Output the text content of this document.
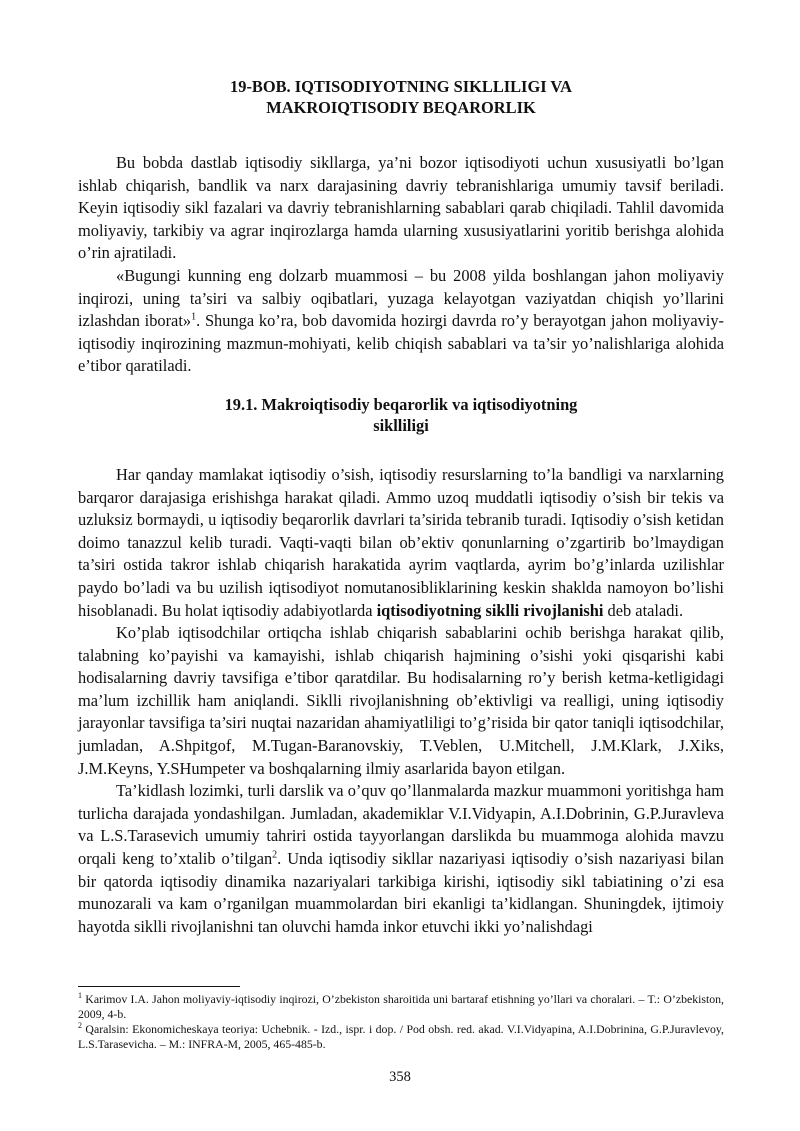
19-BOB. IQTISODIYOTNING SIKLLILIGI VA
MAKROIQTISODIY BEQARORLIK

Bu bobda dastlab iqtisodiy sikllarga, ya’ni bozor iqtisodiyoti uchun xususiyatli bo’lgan ishlab chiqarish, bandlik va narx darajasining davriy tebranishlariga umumiy tavsif beriladi. Keyin iqtisodiy sikl fazalari va davriy tebranishlarning sabablari qarab chiqiladi. Tahlil davomida moliyaviy, tarkibiy va agrar inqirozlarga hamda ularning xususiyatlarini yoritib berishga alohida o’rin ajratiladi.

«Bugungi kunning eng dolzarb muammosi – bu 2008 yilda boshlangan jahon moliyaviy inqirozi, uning ta’siri va salbiy oqibatlari, yuzaga kelayotgan vaziyatdan chiqish yo’llarini izlashdan iborat»$^1$. Shunga ko’ra, bob davomida hozirgi davrda ro’y berayotgan jahon moliyaviy-iqtisodiy inqirozining mazmun-mohiyati, kelib chiqish sabablari va ta’sir yo’nalishlariga alohida e’tibor qaratiladi.

19.1. Makroiqtisodiy beqarorlik va iqtisodiyotning
siklliligi

Har qanday mamlakat iqtisodiy o’sish, iqtisodiy resurslarning to’la bandligi va narxlarning barqaror darajasiga erishishga harakat qiladi. Ammo uzoq muddatli iqtisodiy o’sish bir tekis va uzluksiz bormaydi, u iqtisodiy beqarorlik davrlari ta’sirida tebranib turadi. Iqtisodiy o’sish ketidan doimo tanazzul kelib turadi. Vaqti-vaqti bilan ob’ektiv qonunlarning o’zgartirib bo’lmaydigan ta’siri ostida takror ishlab chiqarish harakatida ayrim vaqtlarda, ayrim bo’g’inlarda uzilishlar paydo bo’ladi va bu uzilish iqtisodiyot nomutanosibliklarining keskin shaklda namoyon bo’lishi hisoblanadi. Bu holat iqtisodiy adabiyotlarda iqtisodiyotning siklli rivojlanishi deb ataladi.

Ko’plab iqtisodchilar ortiqcha ishlab chiqarish sabablarini ochib berishga harakat qilib, talabning ko’payishi va kamayishi, ishlab chiqarish hajmining o’sishi yoki qisqarishi kabi hodisalarning davriy tavsifiga e’tibor qaratdilar. Bu hodisalarning ro’y berish ketma-ketligidagi ma’lum izchillik ham aniqlandi. Siklli rivojlanishning ob’ektivligi va realligi, uning iqtisodiy jarayonlar tavsifiga ta’siri nuqtai nazaridan ahamiyatliligi to’g’risida bir qator taniqli iqtisodchilar, jumladan, A.Shpitgof, M.Tugan-Baranovskiy, T.Veblen, U.Mitchell, J.M.Klark, J.Xiks, J.M.Keyns, Y.SHumpeter va boshqalarning ilmiy asarlarida bayon etilgan.

Ta’kidlash lozimki, turli darslik va o’quv qo’llanmalarda mazkur muammoni yoritishga ham turlicha darajada yondashilgan. Jumladan, akademiklar V.I.Vidyapin, A.I.Dobrinin, G.P.Juravleva va L.S.Tarasevich umumiy tahriri ostida tayyorlangan darslikda bu muammoga alohida mavzu orqali keng to’xtalib o’tilgan$^2$. Unda iqtisodiy sikllar nazariyasi iqtisodiy o’sish nazariyasi bilan bir qatorda iqtisodiy dinamika nazariyalari tarkibiga kirishi, iqtisodiy sikl tabiatining o’zi esa munozarali va kam o’rganilgan muammolardan biri ekanligi ta’kidlangan. Shuningdek, ijtimoiy hayotda siklli rivojlanishni tan oluvchi hamda inkor etuvchi ikki yo’nalishdagi

$^1$ Karimov I.A. Jahon moliyaviy-iqtisodiy inqirozi, O’zbekiston sharoitida uni bartaraf etishning yo’llari va choralari. – T.: O’zbekiston, 2009, 4-b.

$^2$ Qaralsin: Ekonomicheskaya teoriya: Uchebnik. - Izd., ispr. i dop. / Pod obsh. red. akad. V.I.Vidyapina, A.I.Dobrinina, G.P.Juravlevoy, L.S.Tarasevicha. – M.: INFRA-M, 2005, 465-485-b.

358
